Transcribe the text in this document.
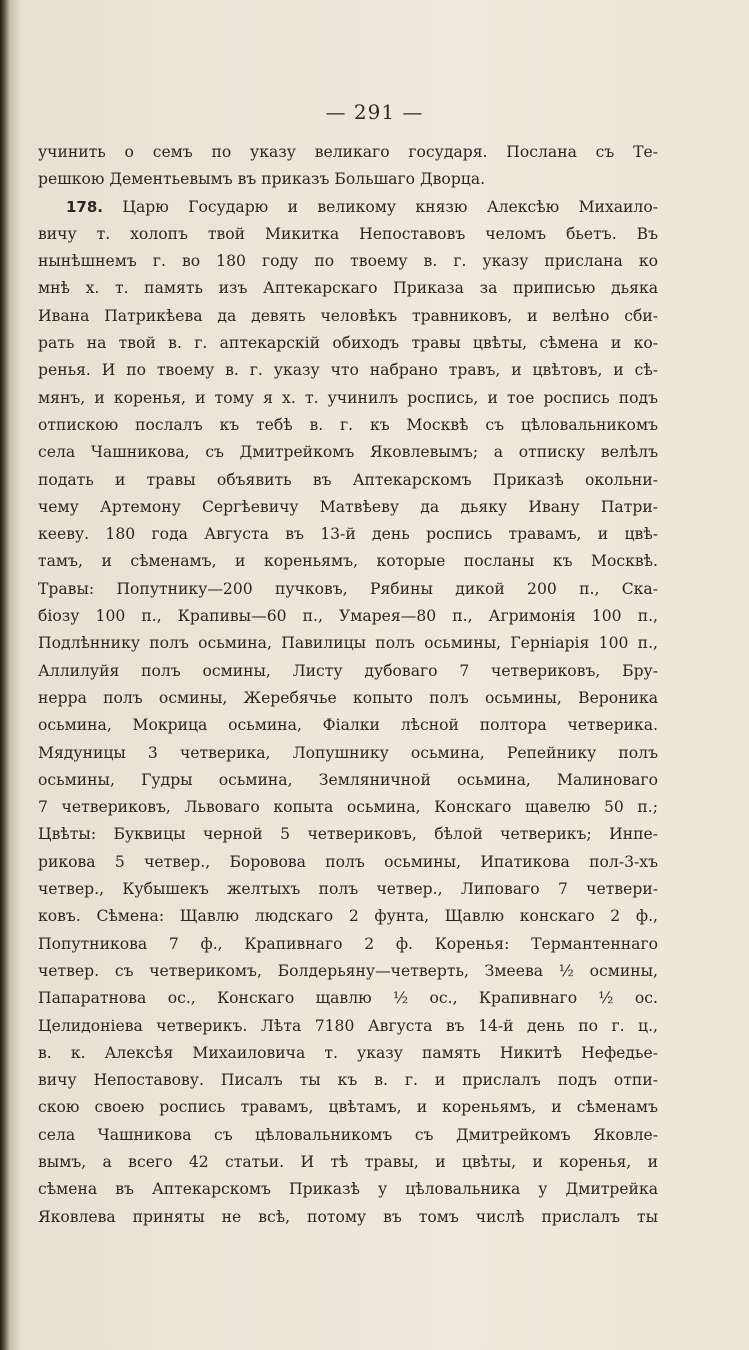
— 291 —
учинить о семъ по указу великаго государя. Послана съ Те-
решкою Дементьевымъ въ приказъ Большаго Дворца.
178. Царю Государю и великому князю Алексѣю Михаило-
вичу т. холопъ твой Микитка Непоставовъ челомъ бьетъ. Въ
нынѣшнемъ г. во 180 году по твоему в. г. указу прислана ко
мнѣ х. т. память изъ Аптекарскаго Приказа за приписью дьяка
Ивана Патрикѣева да девять человѣкъ травниковъ, и велѣно сби-
рать на твой в. г. аптекарскій обиходъ травы цвѣты, сѣмена и ко-
ренья. И по твоему в. г. указу что набрано травъ, и цвѣтовъ, и сѣ-
мянъ, и коренья, и тому я х. т. учинилъ роспись, и тое роспись подъ
отпискою послалъ къ тебѣ в. г. къ Москвѣ съ цѣловальникомъ
села Чашникова, съ Дмитрейкомъ Яковлевымъ; а отписку велѣлъ
подать и травы объявить въ Аптекарскомъ Приказѣ окольни-
чему Артемону Сергѣевичу Матвѣеву да дьяку Ивану Патри-
кееву. 180 года Августа въ 13-й день роспись травамъ, и цвѣ-
тамъ, и сѣменамъ, и кореньямъ, которые посланы къ Москвѣ.
Травы: Попутнику—200 пучковъ, Рябины дикой 200 п., Ска-
біозу 100 п., Крапивы—60 п., Умарея—80 п., Агримонія 100 п.,
Подлѣннику полъ осьмина, Павилицы полъ осьмины, Герніарія 100 п.,
Аллилуйя полъ осмины, Листу дубоваго 7 четвериковъ, Бру-
нерра полъ осмины, Жеребячье копыто полъ осьмины, Вероника
осьмина, Мокрица осьмина, Фіалки лѣсной полтора четверика.
Мядуницы 3 четверика, Лопушнику осьмина, Репейнику полъ
осьмины, Гудры осьмина, Земляничной осьмина, Малиноваго
7 четвериковъ, Львоваго копыта осьмина, Конскаго щавелю 50 п.;
Цвѣты: Буквицы черной 5 четвериковъ, бѣлой четверикъ; Инпе-
рикова 5 четвер., Боровова полъ осьмины, Ипатикова пол-3-хъ
четвер., Кубышекъ желтыхъ полъ четвер., Липоваго 7 четвери-
ковъ. Сѣмена: Щавлю людскаго 2 фунта, Щавлю конскаго 2 ф.,
Попутникова 7 ф., Крапивнаго 2 ф. Коренья: Термантеннаго
четвер. съ четверикомъ, Болдерьяну—четверть, Змеева ½ осмины,
Папаратнова ос., Конскаго щавлю ½ ос., Крапивнаго ½ ос.
Целидоніева четверикъ. Лѣта 7180 Августа въ 14-й день по г. ц.,
в. к. Алексѣя Михаиловича т. указу память Никитѣ Нефедье-
вичу Непоставову. Писалъ ты къ в. г. и прислалъ подъ отпи-
скою своею роспись травамъ, цвѣтамъ, и кореньямъ, и сѣменамъ
села Чашникова съ цѣловальникомъ съ Дмитрейкомъ Яковле-
вымъ, а всего 42 статьи. И тѣ травы, и цвѣты, и коренья, и
сѣмена въ Аптекарскомъ Приказѣ у цѣловальника у Дмитрейка
Яковлева приняты не всѣ, потому въ томъ числѣ прислалъ ты
